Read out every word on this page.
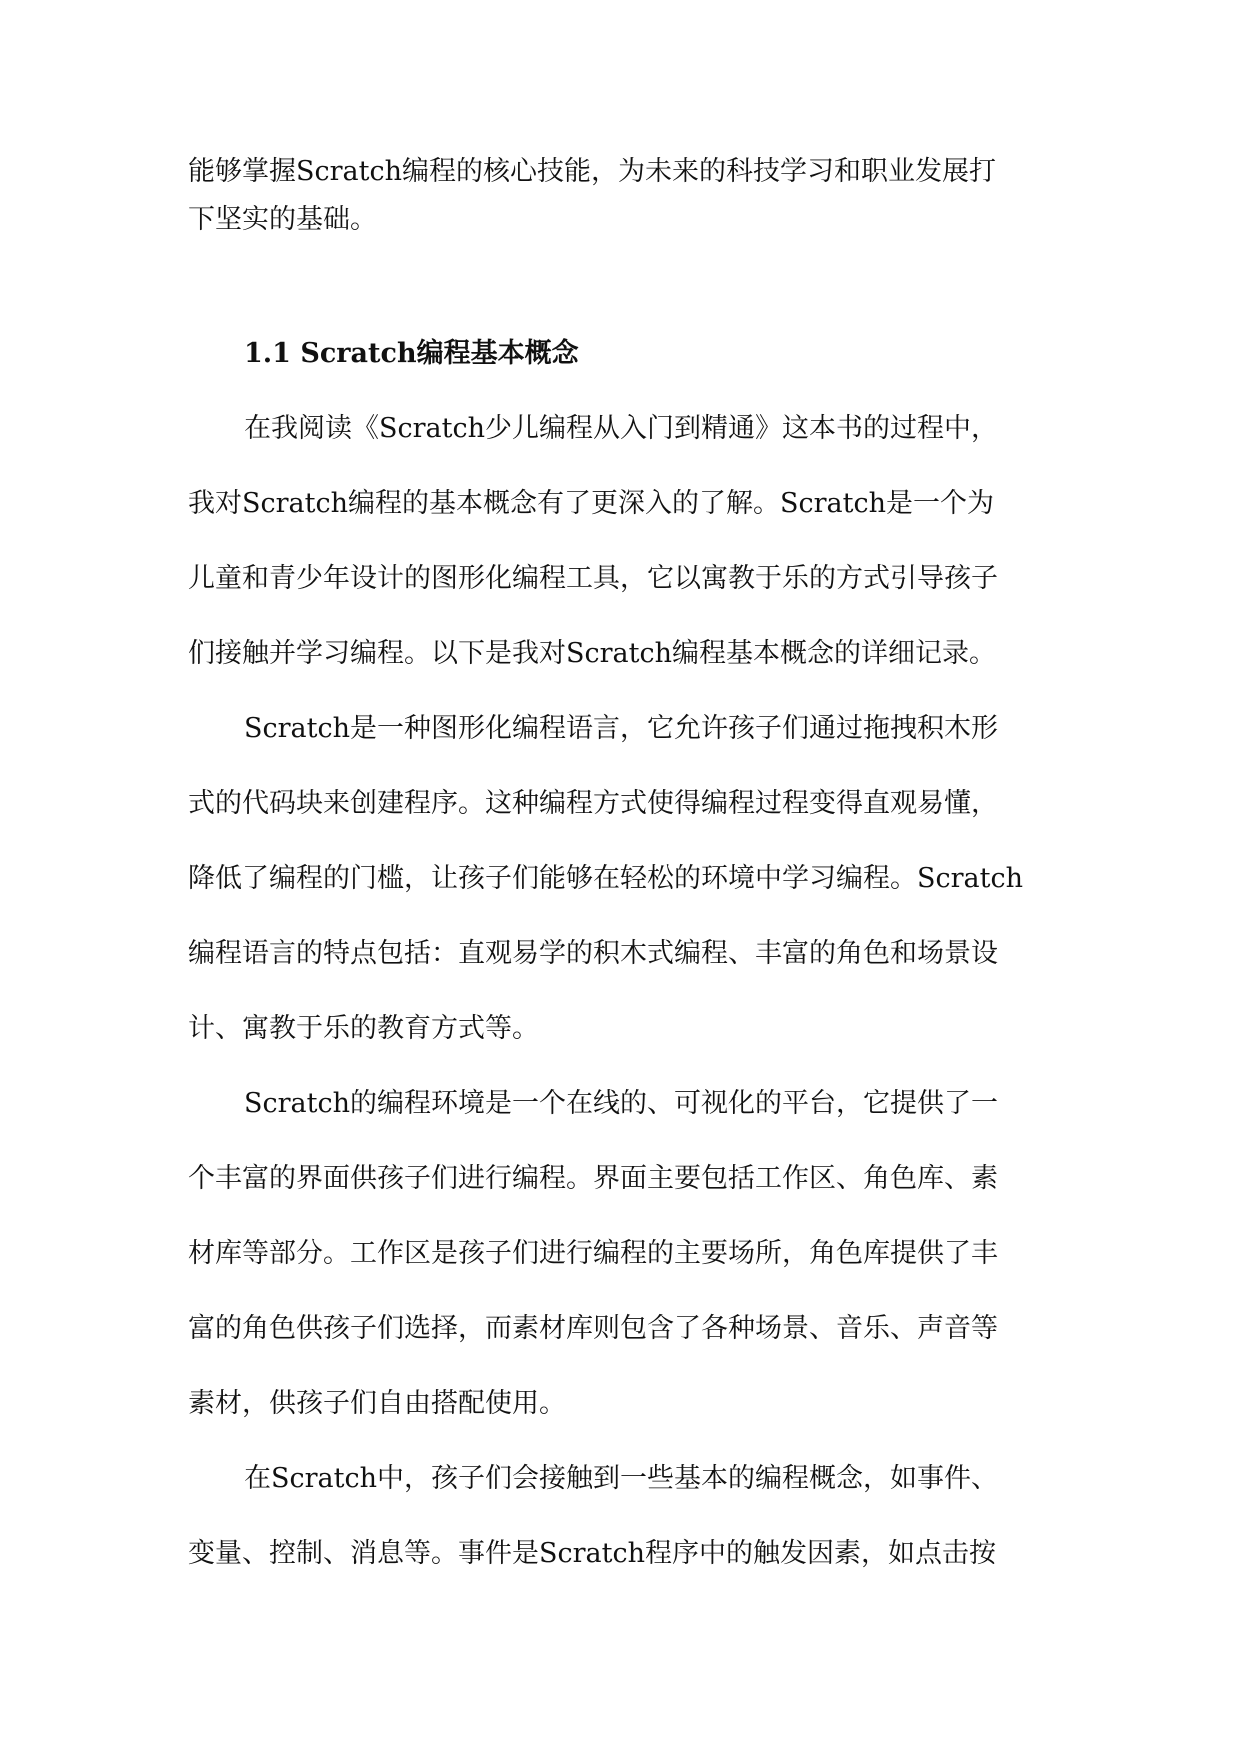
能够掌握Scratch编程的核心技能，为未来的科技学习和职业发展打
下坚实的基础。
1.1 Scratch编程基本概念
在我阅读《Scratch少儿编程从入门到精通》这本书的过程中，
我对Scratch编程的基本概念有了更深入的了解。Scratch是一个为
儿童和青少年设计的图形化编程工具，它以寓教于乐的方式引导孩子
们接触并学习编程。以下是我对Scratch编程基本概念的详细记录。
Scratch是一种图形化编程语言，它允许孩子们通过拖拽积木形
式的代码块来创建程序。这种编程方式使得编程过程变得直观易懂，
降低了编程的门槛，让孩子们能够在轻松的环境中学习编程。Scratch
编程语言的特点包括：直观易学的积木式编程、丰富的角色和场景设
计、寓教于乐的教育方式等。
Scratch的编程环境是一个在线的、可视化的平台，它提供了一
个丰富的界面供孩子们进行编程。界面主要包括工作区、角色库、素
材库等部分。工作区是孩子们进行编程的主要场所，角色库提供了丰
富的角色供孩子们选择，而素材库则包含了各种场景、音乐、声音等
素材，供孩子们自由搭配使用。
在Scratch中，孩子们会接触到一些基本的编程概念，如事件、
变量、控制、消息等。事件是Scratch程序中的触发因素，如点击按
